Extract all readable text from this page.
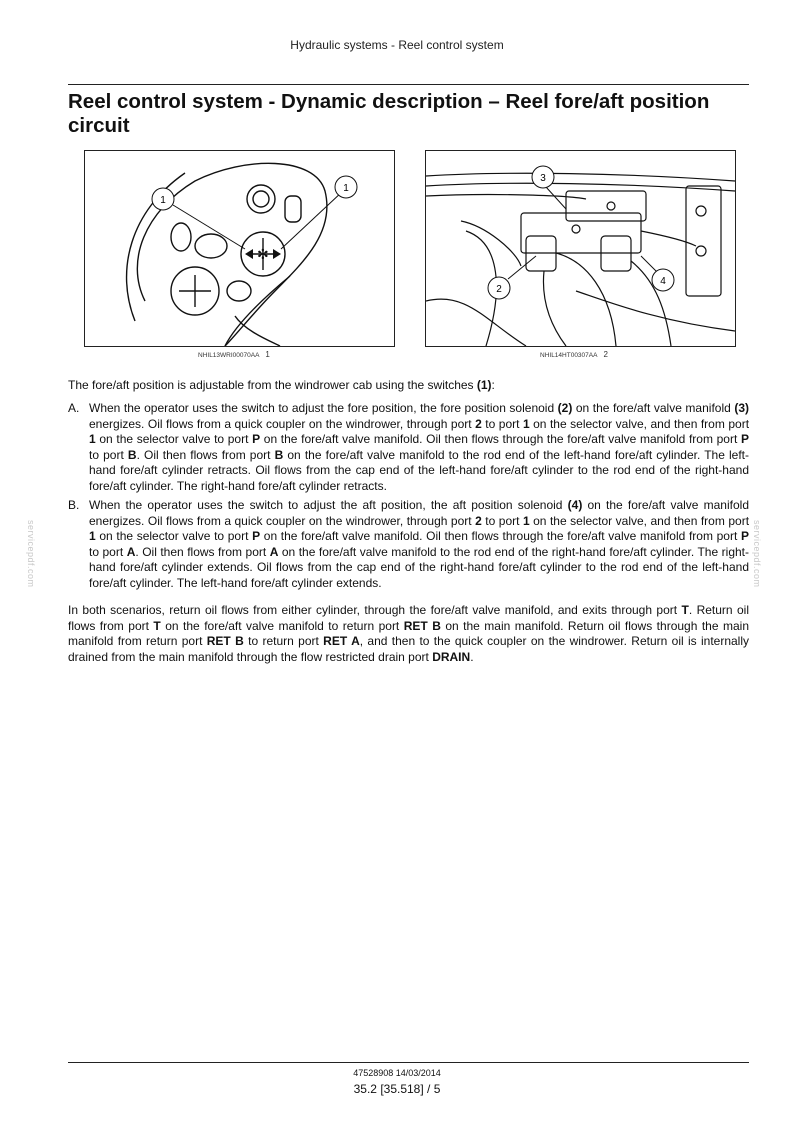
Hydraulic systems - Reel control system
Reel control system - Dynamic description – Reel fore/aft position circuit
✻
1
1
NHIL13WRI00070AA 1
3
2
4
NHIL14HT00307AA 2
The fore/aft position is adjustable from the windrower cab using the switches (1):
A. When the operator uses the switch to adjust the fore position, the fore position solenoid (2) on the fore/aft valve manifold (3) energizes. Oil flows from a quick coupler on the windrower, through port 2 to port 1 on the selector valve, and then from port 1 on the selector valve to port P on the fore/aft valve manifold. Oil then flows through the fore/aft valve manifold from port P to port B. Oil then flows from port B on the fore/aft valve manifold to the rod end of the left-hand fore/aft cylinder. The left-hand fore/aft cylinder retracts. Oil flows from the cap end of the left-hand fore/aft cylinder to the rod end of the right-hand fore/aft cylinder. The right-hand fore/aft cylinder retracts.
B. When the operator uses the switch to adjust the aft position, the aft position solenoid (4) on the fore/aft valve manifold energizes. Oil flows from a quick coupler on the windrower, through port 2 to port 1 on the selector valve, and then from port 1 on the selector valve to port P on the fore/aft valve manifold. Oil then flows through the fore/aft valve manifold from port P to port A. Oil then flows from port A on the fore/aft valve manifold to the rod end of the right-hand fore/aft cylinder. The right-hand fore/aft cylinder extends. Oil flows from the cap end of the right-hand fore/aft cylinder to the rod end of the left-hand fore/aft cylinder. The left-hand fore/aft cylinder extends.
In both scenarios, return oil flows from either cylinder, through the fore/aft valve manifold, and exits through port T. Return oil flows from port T on the fore/aft valve manifold to return port RET B on the main manifold. Return oil flows through the main manifold from return port RET B to return port RET A, and then to the quick coupler on the windrower. Return oil is internally drained from the main manifold through the flow restricted drain port DRAIN.
servicepdf.com	servicepdf.com
47528908 14/03/2014
35.2 [35.518] / 5
